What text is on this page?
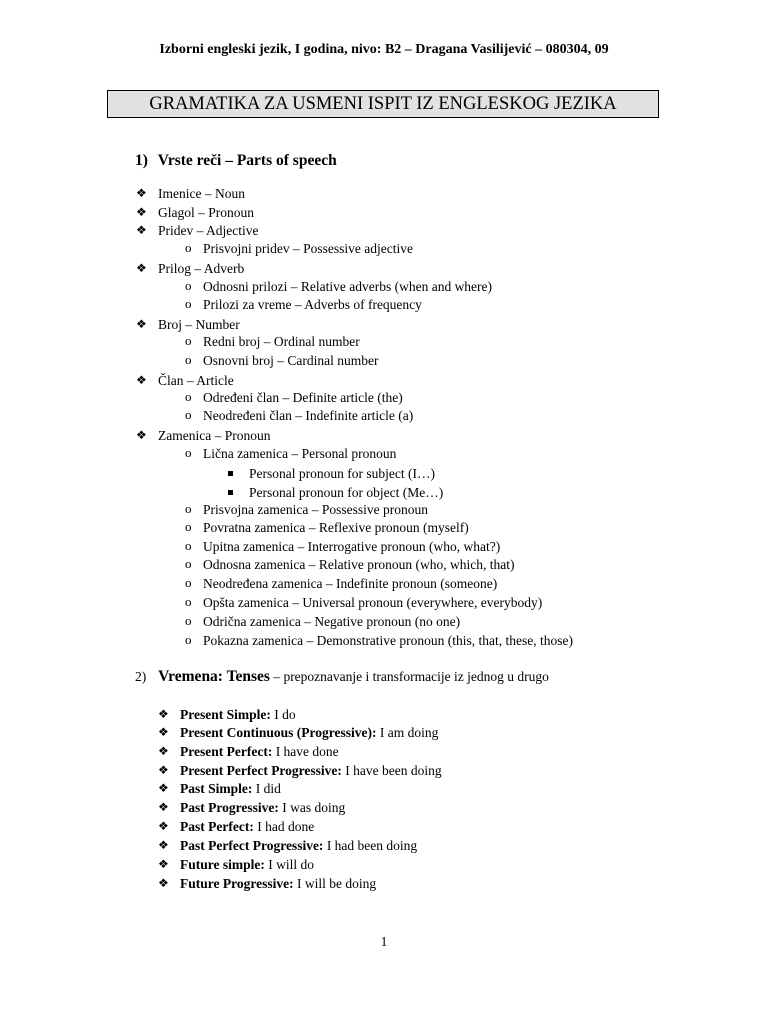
Izborni engleski jezik, I godina, nivo: B2 – Dragana Vasilijević – 080304, 09
GRAMATIKA ZA USMENI ISPIT IZ ENGLESKOG JEZIKA
1) Vrste reči – Parts of speech
❖ Imenice – Noun
❖ Glagol – Pronoun
❖ Pridev – Adjective
o Prisvojni pridev – Possessive adjective
❖ Prilog – Adverb
o Odnosni prilozi – Relative adverbs (when and where)
o Prilozi za vreme – Adverbs of frequency
❖ Broj – Number
o Redni broj – Ordinal number
o Osnovni broj – Cardinal number
❖ Član – Article
o Određeni član – Definite article (the)
o Neodređeni član – Indefinite article (a)
❖ Zamenica – Pronoun
o Lična zamenica – Personal pronoun
Personal pronoun for subject (I…)
Personal pronoun for object (Me…)
o Prisvojna zamenica – Possessive pronoun
o Povratna zamenica – Reflexive pronoun (myself)
o Upitna zamenica – Interrogative pronoun (who, what?)
o Odnosna zamenica – Relative pronoun (who, which, that)
o Neodređena zamenica – Indefinite pronoun (someone)
o Opšta zamenica – Universal pronoun (everywhere, everybody)
o Odrična zamenica – Negative pronoun (no one)
o Pokazna zamenica – Demonstrative pronoun (this, that, these, those)
2) Vremena: Tenses – prepoznavanje i transformacije iz jednog u drugo
❖ Present Simple: I do
❖ Present Continuous (Progressive): I am doing
❖ Present Perfect: I have done
❖ Present Perfect Progressive: I have been doing
❖ Past Simple: I did
❖ Past Progressive: I was doing
❖ Past Perfect: I had done
❖ Past Perfect Progressive: I had been doing
❖ Future simple: I will do
❖ Future Progressive: I will be doing
1
